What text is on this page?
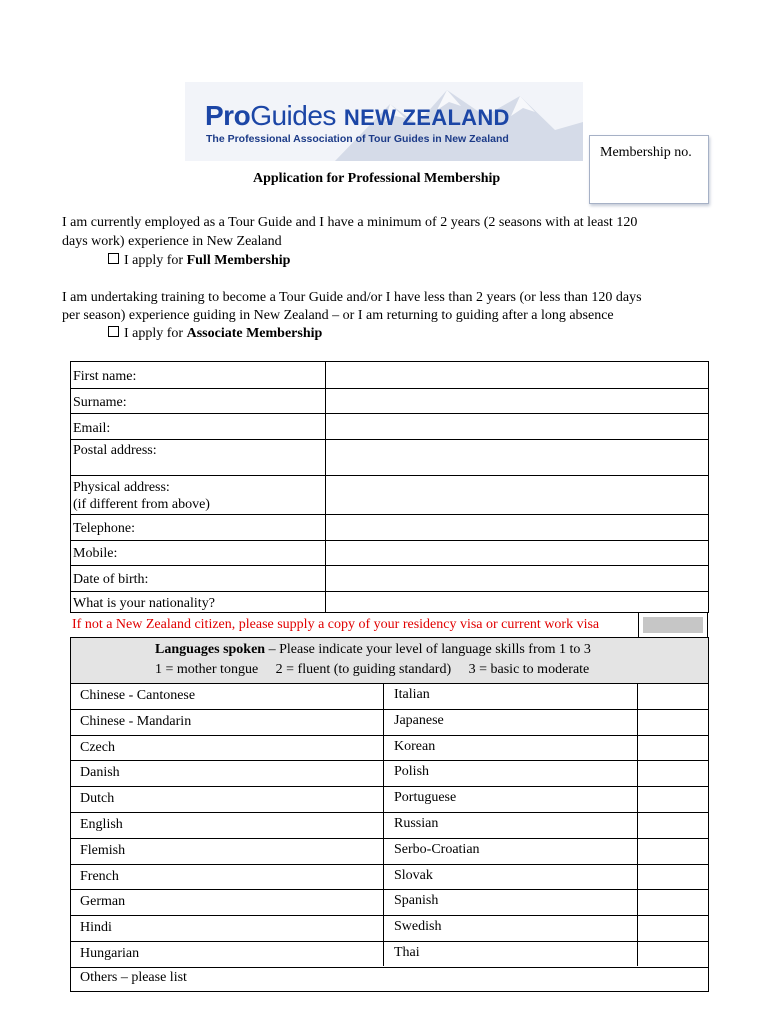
ProGuides NEW ZEALAND
The Professional Association of Tour Guides in New Zealand
Membership no.
Application for Professional Membership
I am currently employed as a Tour Guide and I have a minimum of 2 years (2 seasons with at least 120
days work) experience in New Zealand
I apply for Full Membership
I am undertaking training to become a Tour Guide and/or I have less than 2 years (or less than 120 days
per season) experience guiding in New Zealand – or I am returning to guiding after a long absence
I apply for Associate Membership
First name:
Surname:
Email:
Postal address:
Physical address:
(if different from above)
Telephone:
Mobile:
Date of birth:
What is your nationality?
If not a New Zealand citizen, please supply a copy of your residency visa or current work visa
Languages spoken – Please indicate your level of language skills from 1 to 3
1 = mother tongue     2 = fluent (to guiding standard)     3 = basic to moderate
Chinese - Cantonese	Italian
Chinese - Mandarin	Japanese
Czech	Korean
Danish	Polish
Dutch	Portuguese
English	Russian
Flemish	Serbo-Croatian
French	Slovak
German	Spanish
Hindi	Swedish
Hungarian	Thai
Others – please list
